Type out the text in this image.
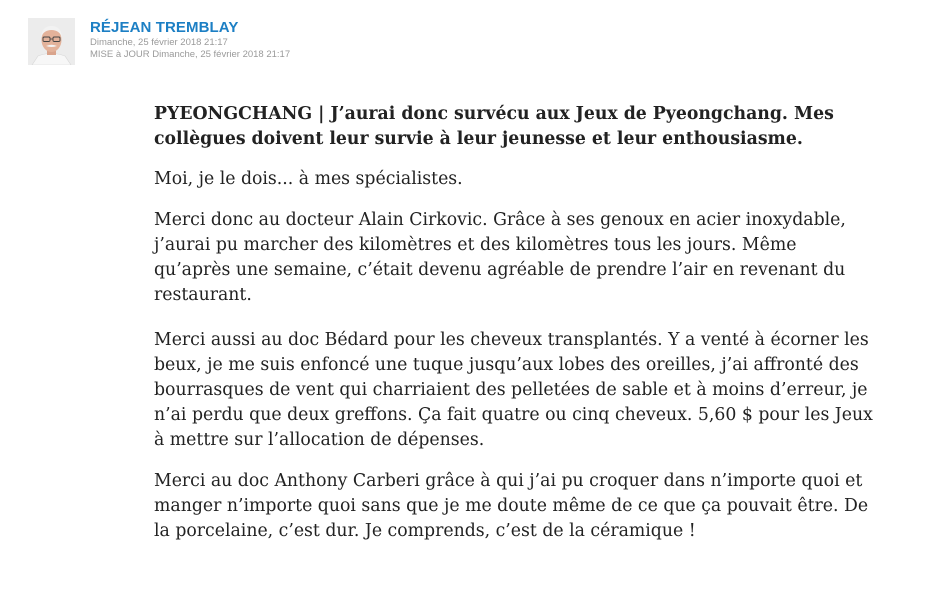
RÉJEAN TREMBLAY
Dimanche, 25 février 2018 21:17
MISE à JOUR Dimanche, 25 février 2018 21:17

PYEONGCHANG | J’aurai donc survécu aux Jeux de Pyeongchang. Mes collègues doivent leur survie à leur jeunesse et leur enthousiasme.

Moi, je le dois... à mes spécialistes.

Merci donc au docteur Alain Cirkovic. Grâce à ses genoux en acier inoxydable, j’aurai pu marcher des kilomètres et des kilomètres tous les jours. Même qu’après une semaine, c’était devenu agréable de prendre l’air en revenant du restaurant.

Merci aussi au doc Bédard pour les cheveux transplantés. Y a venté à écorner les beux, je me suis enfoncé une tuque jusqu’aux lobes des oreilles, j’ai affronté des bourrasques de vent qui charriaient des pelletées de sable et à moins d’erreur, je n’ai perdu que deux greffons. Ça fait quatre ou cinq cheveux. 5,60 $ pour les Jeux à mettre sur l’allocation de dépenses.

Merci au doc Anthony Carberi grâce à qui j’ai pu croquer dans n’importe quoi et manger n’importe quoi sans que je me doute même de ce que ça pouvait être. De la porcelaine, c’est dur. Je comprends, c’est de la céramique !
